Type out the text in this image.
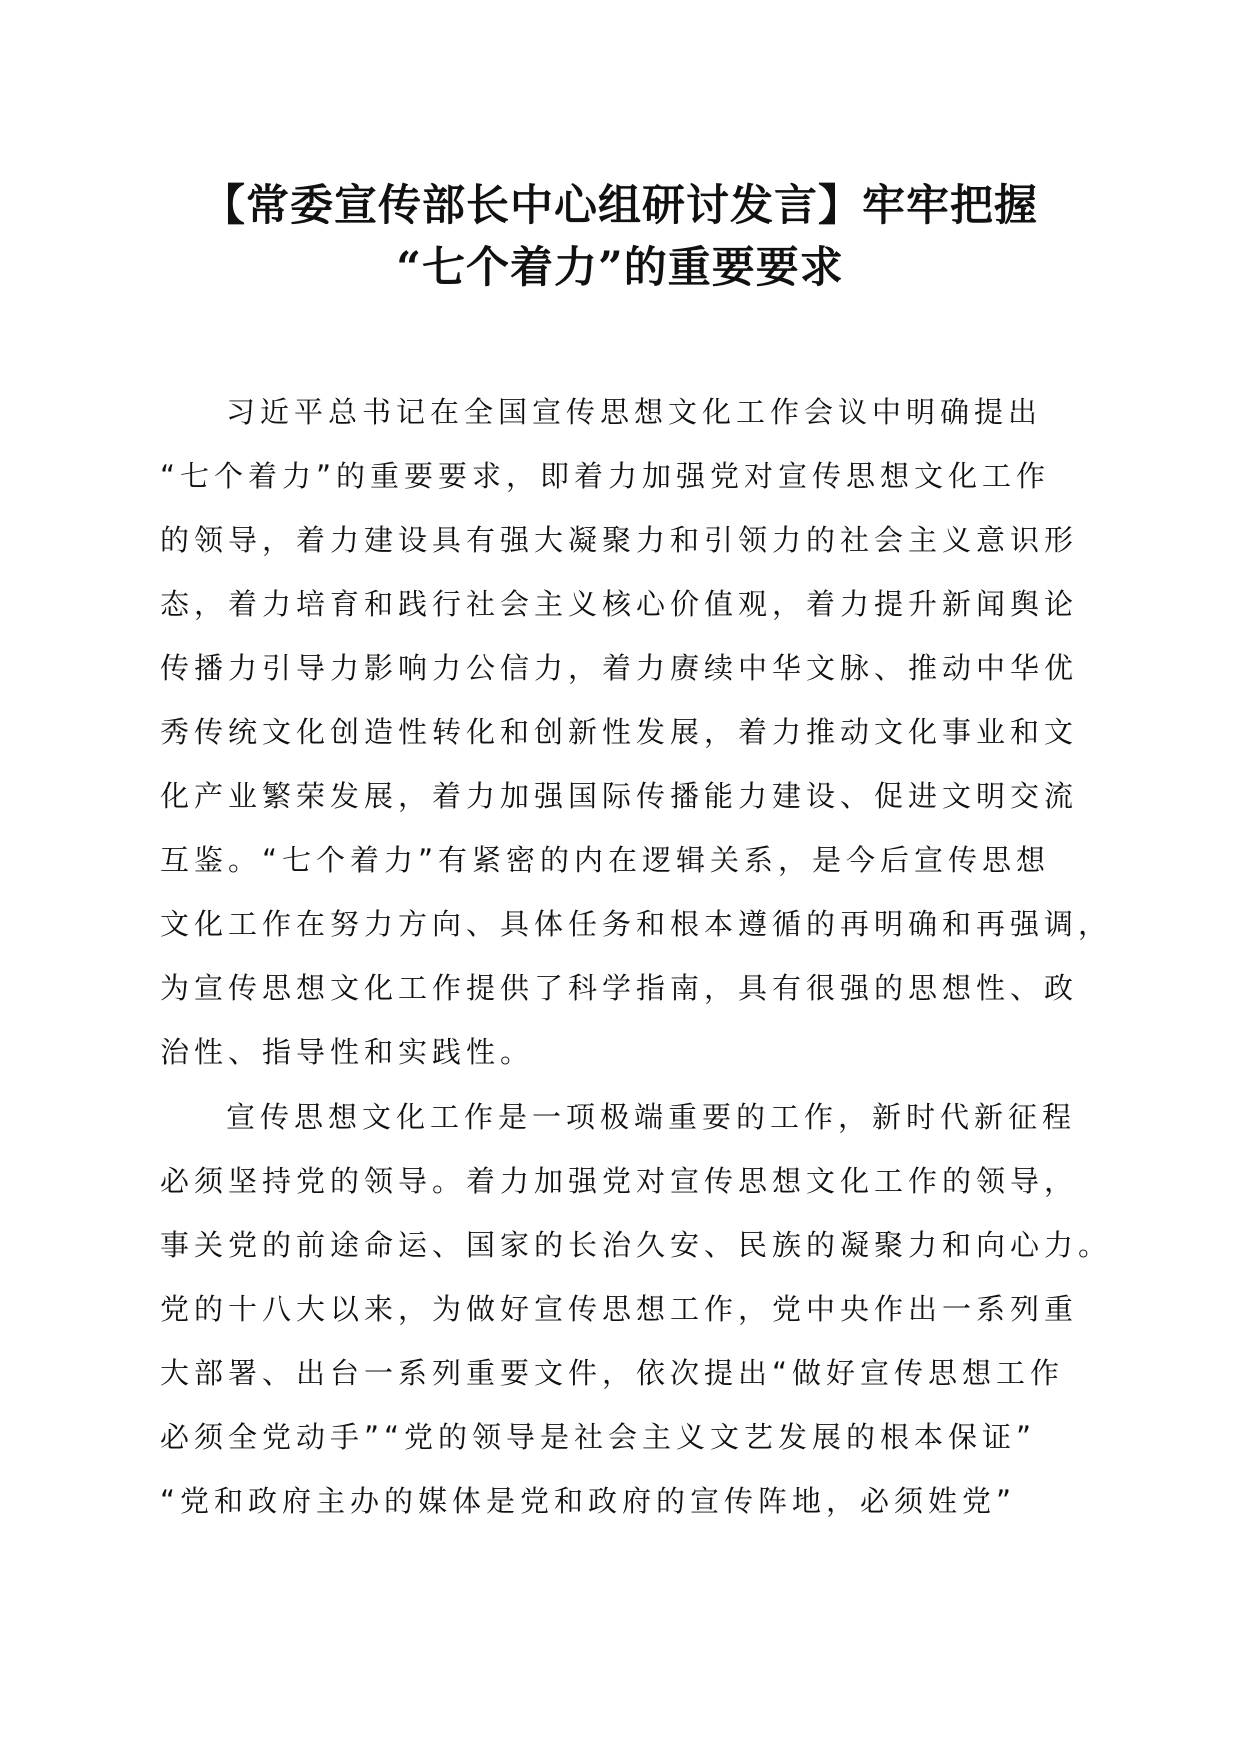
【常委宣传部长中心组研讨发言】牢牢把握
“七个着力”的重要要求
习近平总书记在全国宣传思想文化工作会议中明确提出
“七个着力”的重要要求，即着力加强党对宣传思想文化工作
的领导，着力建设具有强大凝聚力和引领力的社会主义意识形
态，着力培育和践行社会主义核心价值观，着力提升新闻舆论
传播力引导力影响力公信力，着力赓续中华文脉、推动中华优
秀传统文化创造性转化和创新性发展，着力推动文化事业和文
化产业繁荣发展，着力加强国际传播能力建设、促进文明交流
互鉴。“七个着力”有紧密的内在逻辑关系，是今后宣传思想
文化工作在努力方向、具体任务和根本遵循的再明确和再强调，
为宣传思想文化工作提供了科学指南，具有很强的思想性、政
治性、指导性和实践性。
宣传思想文化工作是一项极端重要的工作，新时代新征程
必须坚持党的领导。着力加强党对宣传思想文化工作的领导，
事关党的前途命运、国家的长治久安、民族的凝聚力和向心力。
党的十八大以来，为做好宣传思想工作，党中央作出一系列重
大部署、出台一系列重要文件，依次提出“做好宣传思想工作
必须全党动手”“党的领导是社会主义文艺发展的根本保证”
“党和政府主办的媒体是党和政府的宣传阵地，必须姓党”
